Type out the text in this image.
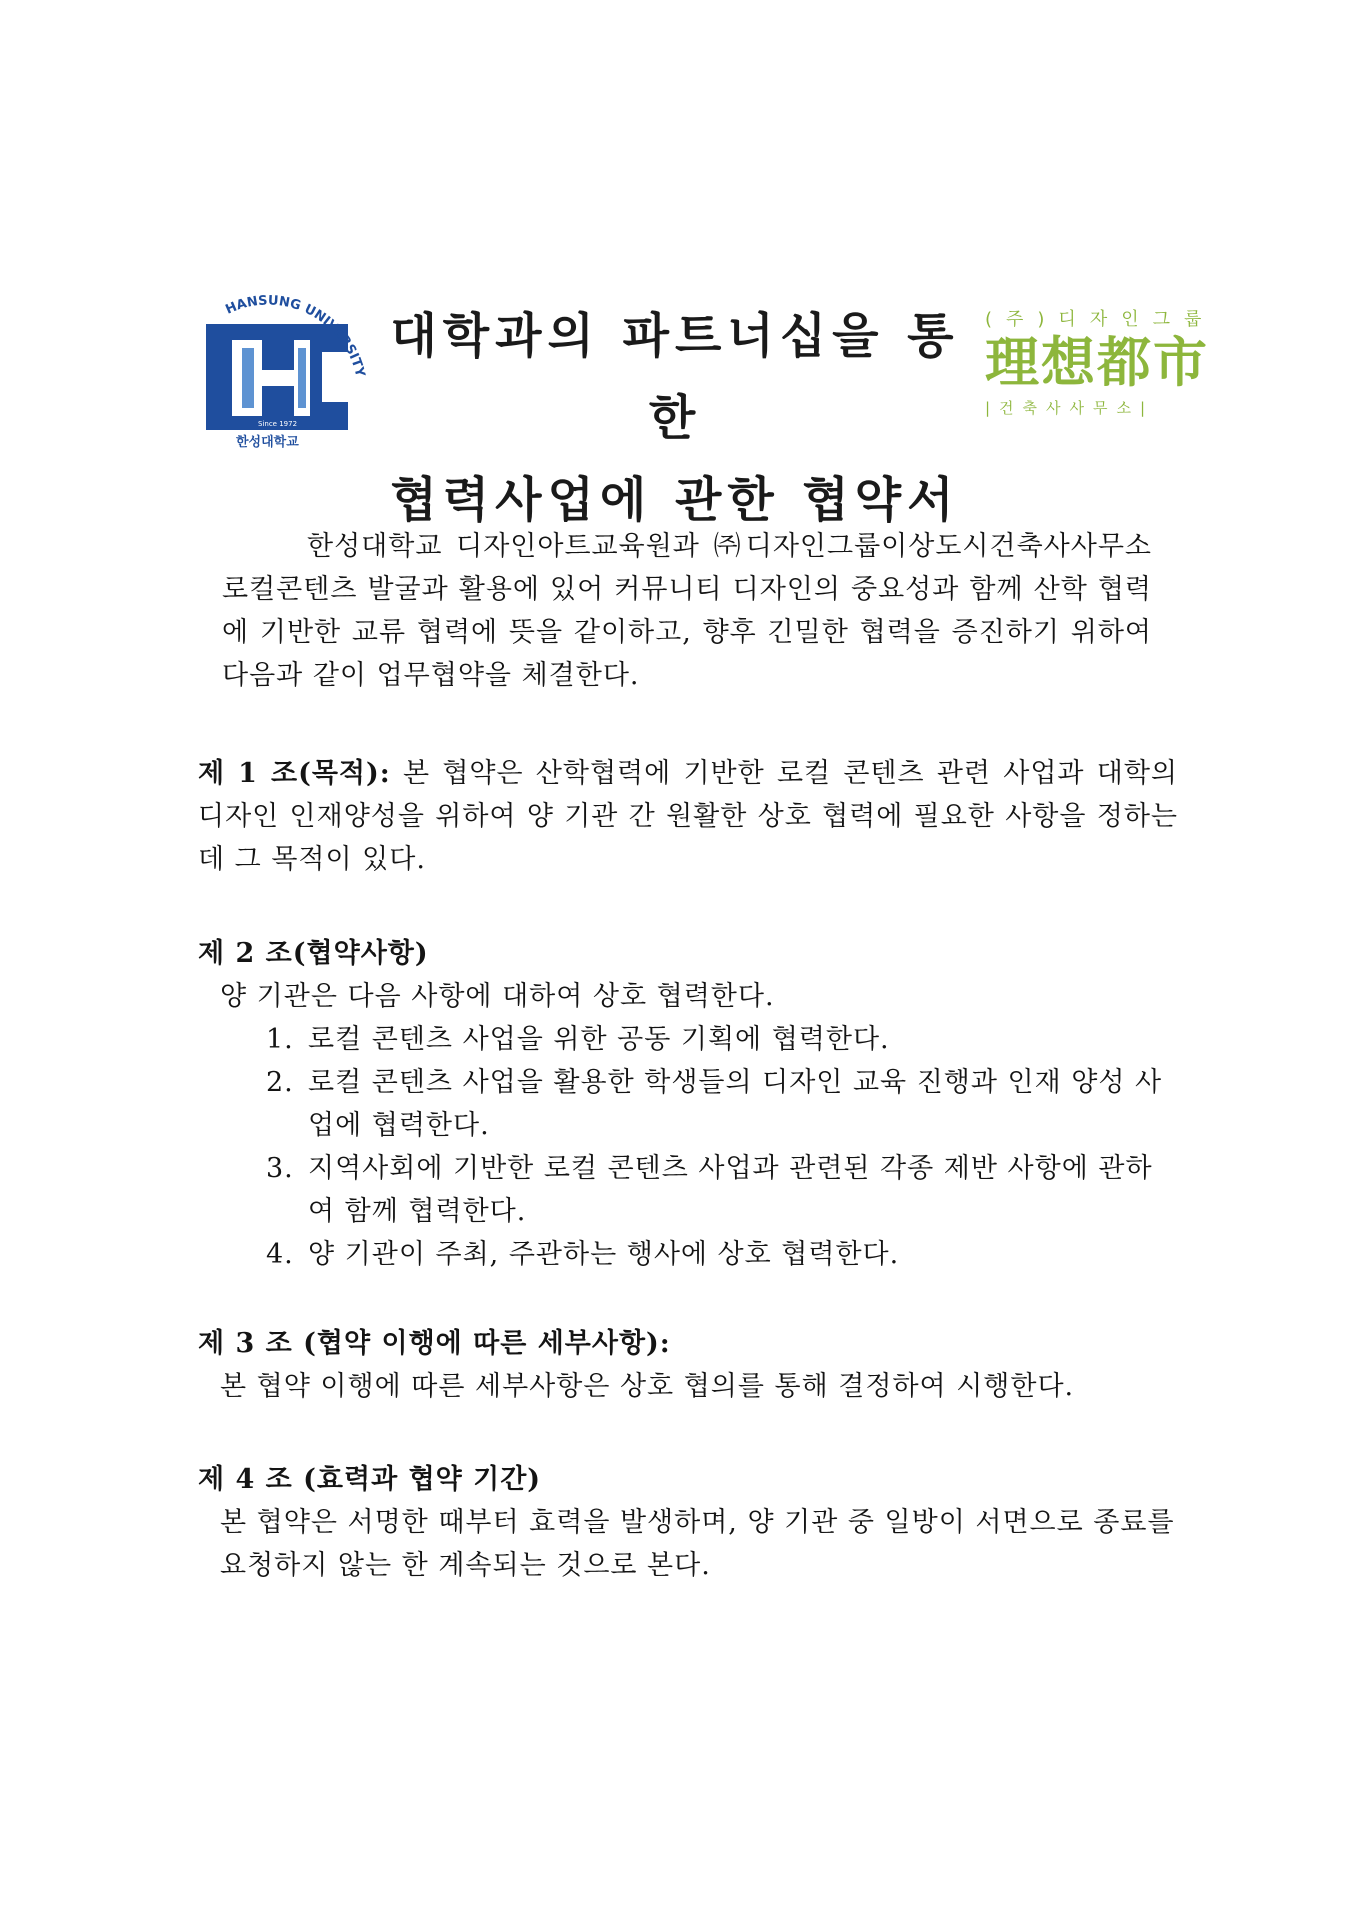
HANSUNG UNIVERSITY
Since 1972
한성대학교
대학과의 파트너십을 통한
협력사업에 관한 협약서
(주)디자인그룹
理想都市
|건축사사무소|
한성대학교 디자인아트교육원과 ㈜디자인그룹이상도시건축사사무소 로컬콘텐츠 발굴과 활용에 있어 커뮤니티 디자인의 중요성과 함께 산학 협력에 기반한 교류 협력에 뜻을 같이하고, 향후 긴밀한 협력을 증진하기 위하여 다음과 같이 업무협약을 체결한다.
제 1 조(목적): 본 협약은 산학협력에 기반한 로컬 콘텐츠 관련 사업과 대학의 디자인 인재양성을 위하여 양 기관 간 원활한 상호 협력에 필요한 사항을 정하는 데 그 목적이 있다.
제 2 조(협약사항)
양 기관은 다음 사항에 대하여 상호 협력한다.
1. 로컬 콘텐츠 사업을 위한 공동 기획에 협력한다.
2. 로컬 콘텐츠 사업을 활용한 학생들의 디자인 교육 진행과 인재 양성 사업에 협력한다.
3. 지역사회에 기반한 로컬 콘텐츠 사업과 관련된 각종 제반 사항에 관하여 함께 협력한다.
4. 양 기관이 주최, 주관하는 행사에 상호 협력한다.
제 3 조 (협약 이행에 따른 세부사항):
본 협약 이행에 따른 세부사항은 상호 협의를 통해 결정하여 시행한다.
제 4 조 (효력과 협약 기간)
본 협약은 서명한 때부터 효력을 발생하며, 양 기관 중 일방이 서면으로 종료를 요청하지 않는 한 계속되는 것으로 본다.
